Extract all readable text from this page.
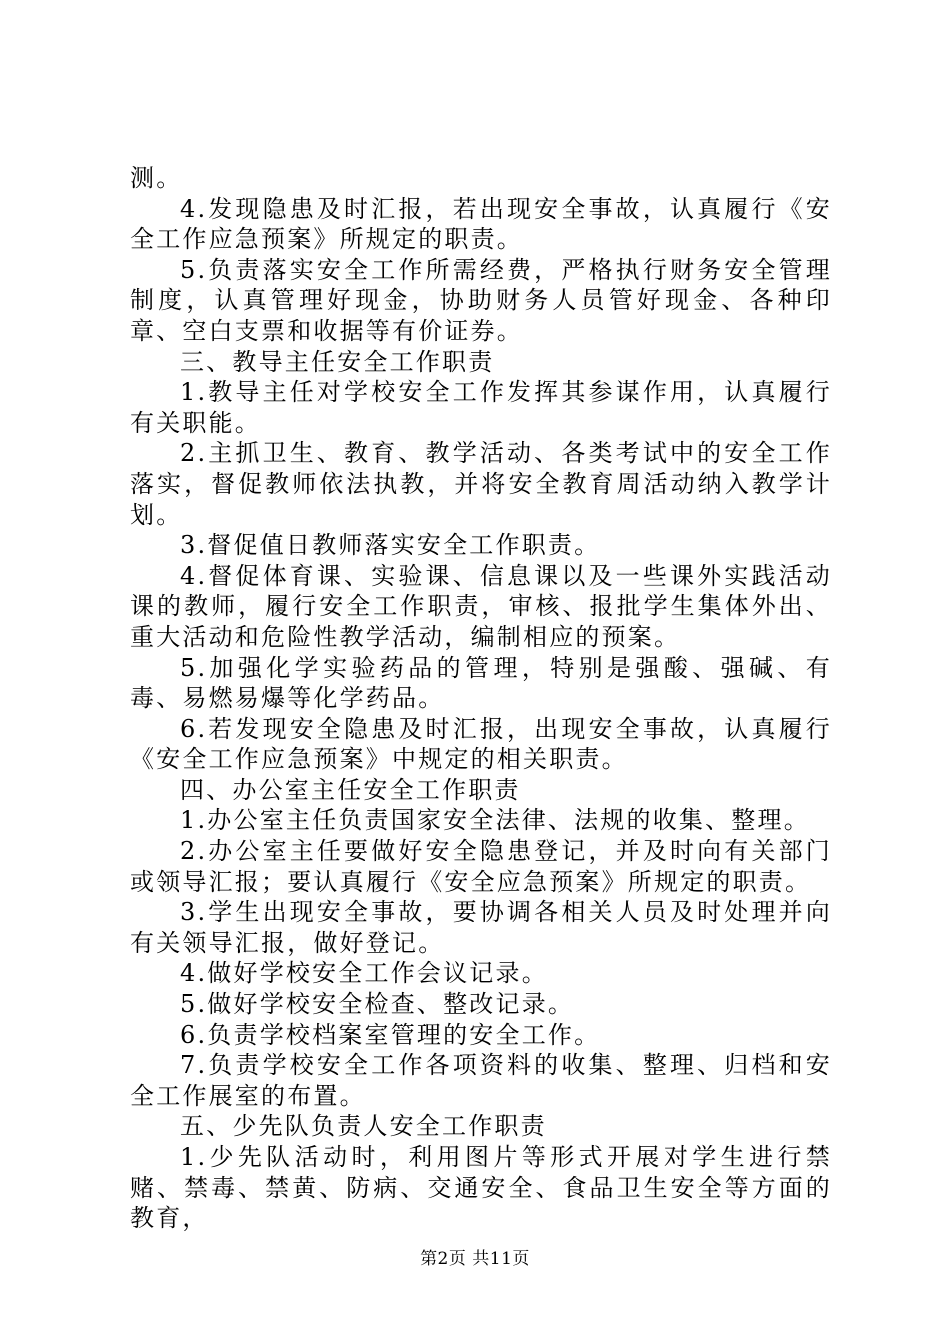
测。

4.发现隐患及时汇报，若出现安全事故，认真履行《安全工作应急预案》所规定的职责。

5.负责落实安全工作所需经费，严格执行财务安全管理制度，认真管理好现金，协助财务人员管好现金、各种印章、空白支票和收据等有价证券。

三、教导主任安全工作职责

1.教导主任对学校安全工作发挥其参谋作用，认真履行有关职能。

2.主抓卫生、教育、教学活动、各类考试中的安全工作落实，督促教师依法执教，并将安全教育周活动纳入教学计划。

3.督促值日教师落实安全工作职责。

4.督促体育课、实验课、信息课以及一些课外实践活动课的教师，履行安全工作职责，审核、报批学生集体外出、重大活动和危险性教学活动，编制相应的预案。

5.加强化学实验药品的管理，特别是强酸、强碱、有毒、易燃易爆等化学药品。

6.若发现安全隐患及时汇报，出现安全事故，认真履行《安全工作应急预案》中规定的相关职责。

四、办公室主任安全工作职责

1.办公室主任负责国家安全法律、法规的收集、整理。

2.办公室主任要做好安全隐患登记，并及时向有关部门或领导汇报；要认真履行《安全应急预案》所规定的职责。

3.学生出现安全事故，要协调各相关人员及时处理并向有关领导汇报，做好登记。

4.做好学校安全工作会议记录。

5.做好学校安全检查、整改记录。

6.负责学校档案室管理的安全工作。

7.负责学校安全工作各项资料的收集、整理、归档和安全工作展室的布置。

五、少先队负责人安全工作职责

1.少先队活动时，利用图片等形式开展对学生进行禁赌、禁毒、禁黄、防病、交通安全、食品卫生安全等方面的教育，

第2页 共11页
